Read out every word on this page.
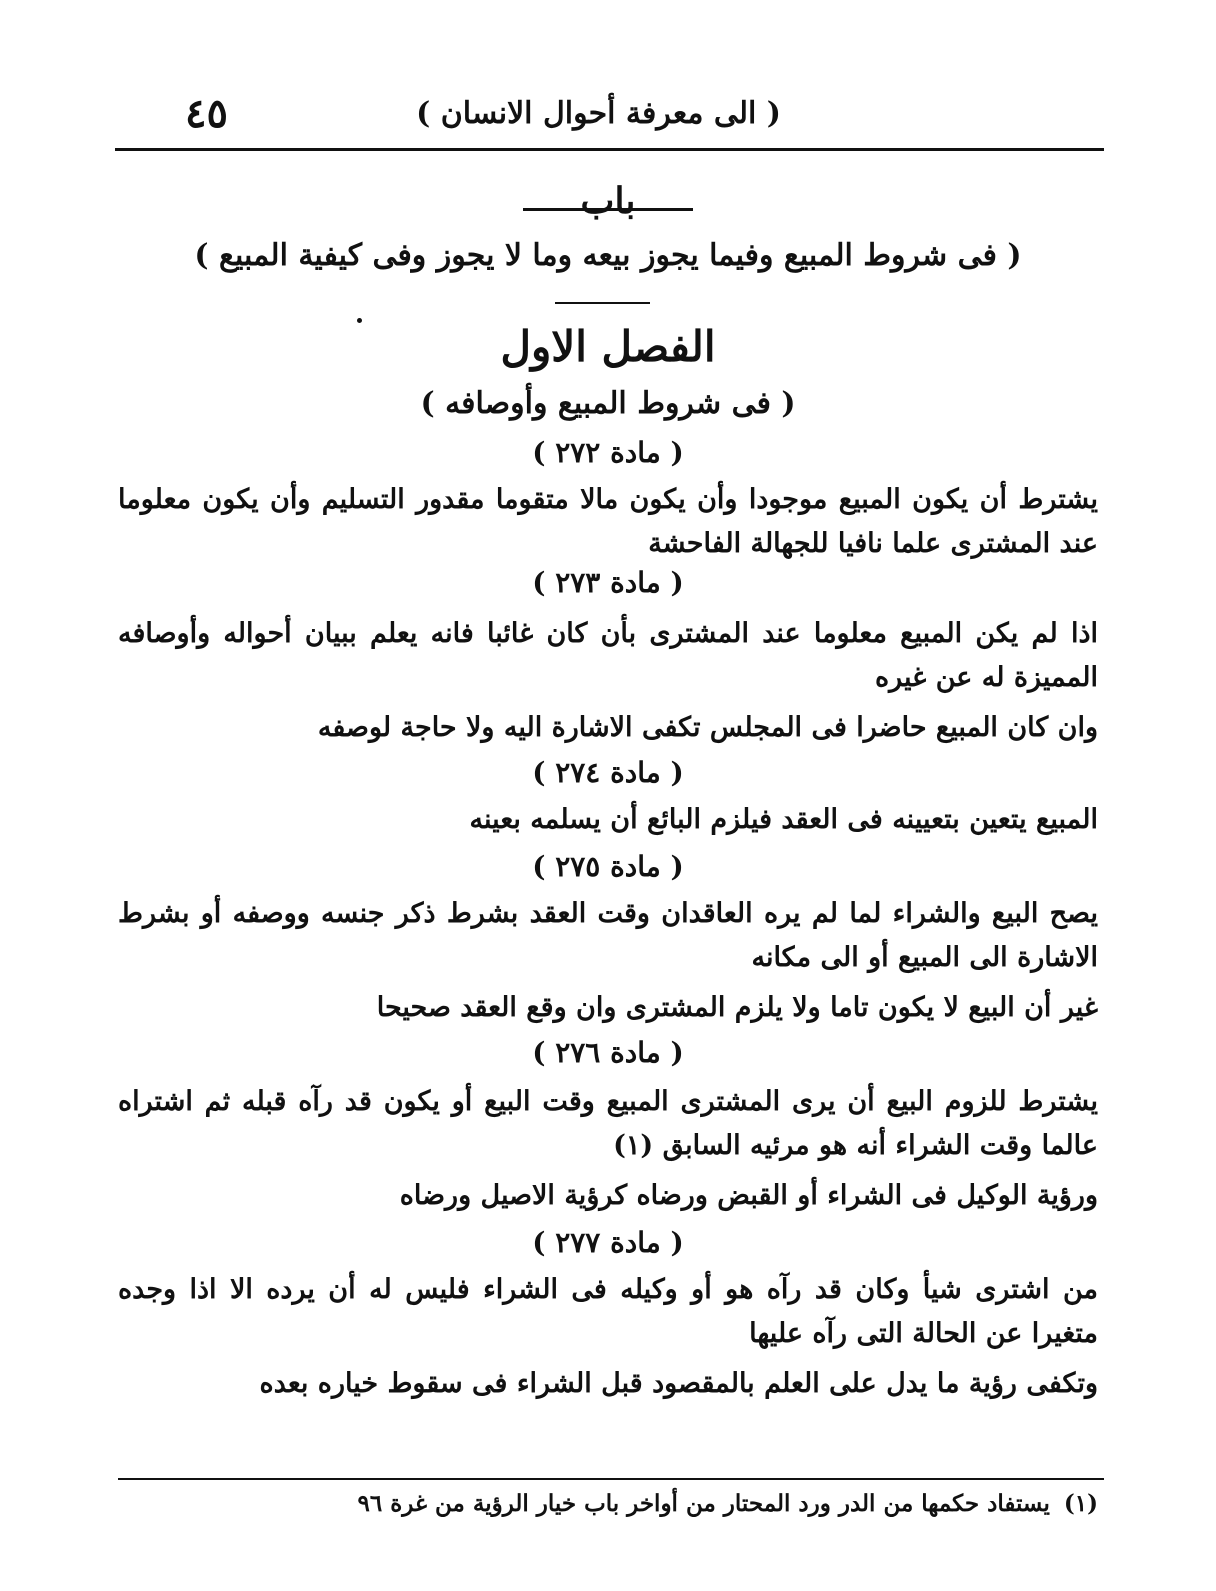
( الى معرفة أحوال الانسان )
٤٥
باب
( فى شروط المبيع وفيما يجوز بيعه وما لا يجوز وفى كيفية المبيع )
الفصل الاول
( فى شروط المبيع وأوصافه )
( مادة ٢٧٢ )
يشترط أن يكون المبيع موجودا وأن يكون مالا متقوما مقدور التسليم وأن يكون معلوما عند المشترى علما نافيا للجهالة الفاحشة
( مادة ٢٧٣ )
اذا لم يكن المبيع معلوما عند المشترى بأن كان غائبا فانه يعلم ببيان أحواله وأوصافه المميزة له عن غيره
وان كان المبيع حاضرا فى المجلس تكفى الاشارة اليه ولا حاجة لوصفه
( مادة ٢٧٤ )
المبيع يتعين بتعيينه فى العقد فيلزم البائع أن يسلمه بعينه
( مادة ٢٧٥ )
يصح البيع والشراء لما لم يره العاقدان وقت العقد بشرط ذكر جنسه ووصفه أو بشرط الاشارة الى المبيع أو الى مكانه
غير أن البيع لا يكون تاما ولا يلزم المشترى وان وقع العقد صحيحا
( مادة ٢٧٦ )
يشترط للزوم البيع أن يرى المشترى المبيع وقت البيع أو يكون قد رآه قبله ثم اشتراه عالما وقت الشراء أنه هو مرئيه السابق (١)
ورؤية الوكيل فى الشراء أو القبض ورضاه كرؤية الاصيل ورضاه
( مادة ٢٧٧ )
من اشترى شيأ وكان قد رآه هو أو وكيله فى الشراء فليس له أن يرده الا اذا وجده متغيرا عن الحالة التى رآه عليها
وتكفى رؤية ما يدل على العلم بالمقصود قبل الشراء فى سقوط خياره بعده
(١)يستفاد حكمها من الدر ورد المحتار من أواخر باب خيار الرؤية من غرة ٩٦
